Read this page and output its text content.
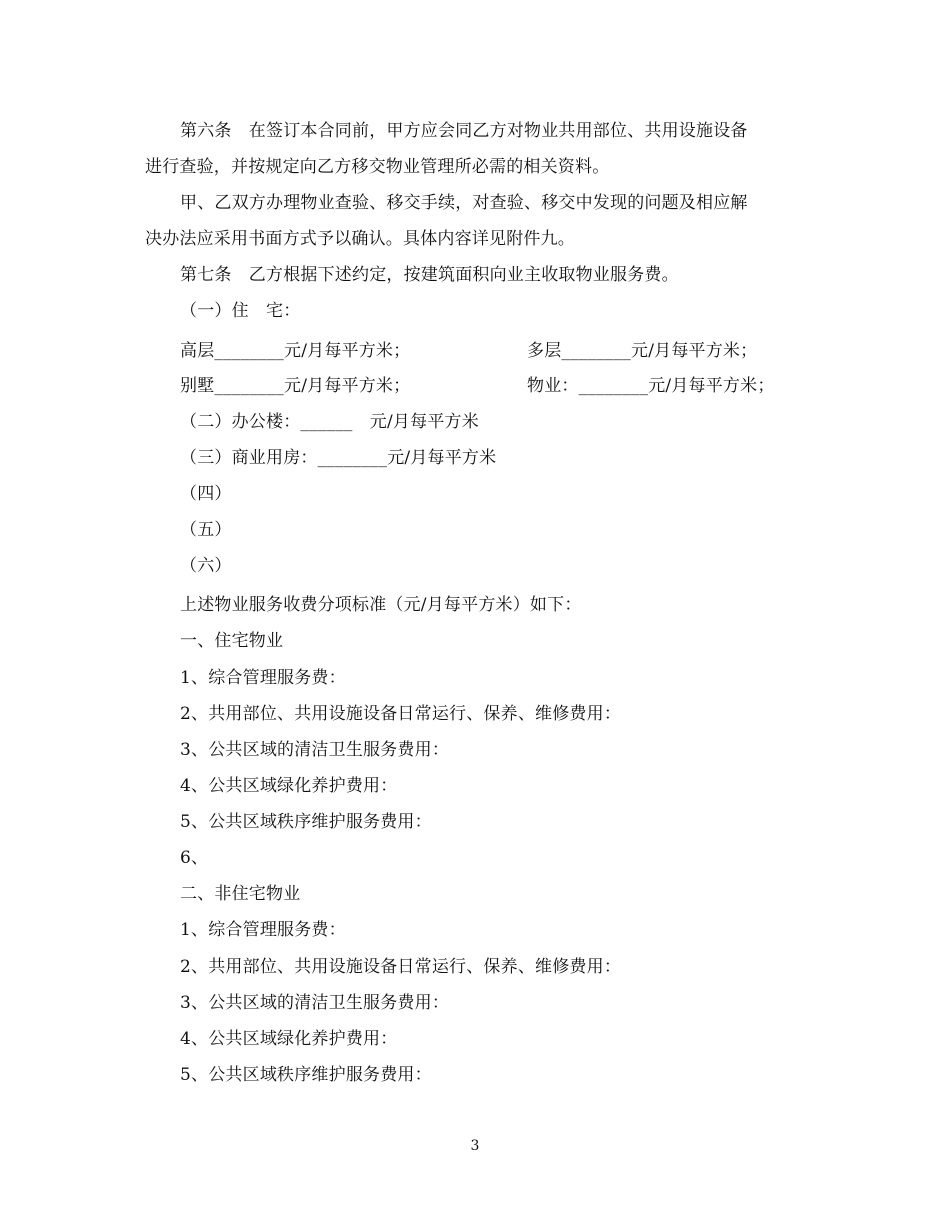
第六条　在签订本合同前，甲方应会同乙方对物业共用部位、共用设施设备
进行查验，并按规定向乙方移交物业管理所必需的相关资料。
甲、乙双方办理物业查验、移交手续，对查验、移交中发现的问题及相应解
决办法应采用书面方式予以确认。具体内容详见附件九。
第七条　乙方根据下述约定，按建筑面积向业主收取物业服务费。
（一）住　宅：
高层________元/月每平方米；	多层________元/月每平方米；
别墅________元/月每平方米；	物业：________元/月每平方米；
（二）办公楼：______　元/月每平方米
（三）商业用房：________元/月每平方米
（四）
（五）
（六）
上述物业服务收费分项标准（元/月每平方米）如下：
一、住宅物业
1、综合管理服务费：
2、共用部位、共用设施设备日常运行、保养、维修费用：
3、公共区域的清洁卫生服务费用：
4、公共区域绿化养护费用：
5、公共区域秩序维护服务费用：
6、
二、非住宅物业
1、综合管理服务费：
2、共用部位、共用设施设备日常运行、保养、维修费用：
3、公共区域的清洁卫生服务费用：
4、公共区域绿化养护费用：
5、公共区域秩序维护服务费用：
3
